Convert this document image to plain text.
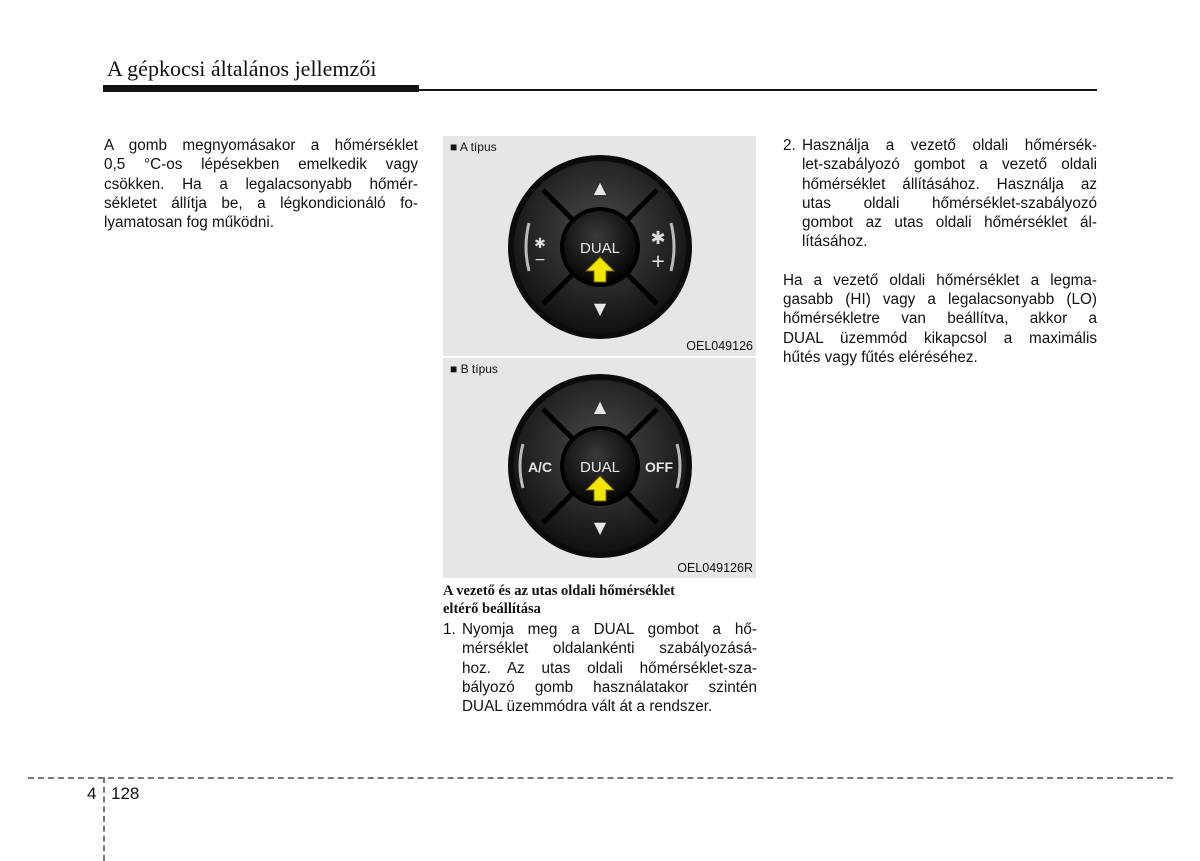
A gépkocsi általános jellemzői
A gomb megnyomásakor a hőmérséklet
0,5 °C-os lépésekben emelkedik vagy
csökken. Ha a legalacsonyabb hőmér-
sékletet állítja be, a légkondicionáló fo-
lyamatosan fog működni.
✱	✱
DUAL
▲
▼
−	+
■ A típus
OEL049126
DUAL
▲
▼
A/C	OFF
■ B típus
OEL049126R
A vezető és az utas oldali hőmérséklet
eltérő beállítása
1. Nyomja meg a DUAL gombot a hő-
mérséklet oldalankénti szabályozásá-
hoz. Az utas oldali hőmérséklet-sza-
bályozó gomb használatakor szintén
DUAL üzemmódra vált át a rendszer.
2. Használja a vezető oldali hőmérsék-
let-szabályozó gombot a vezető oldali
hőmérséklet állításához. Használja az
utas oldali hőmérséklet-szabályozó
gombot az utas oldali hőmérséklet ál-
lításához.
Ha a vezető oldali hőmérséklet a legma-
gasabb (HI) vagy a legalacsonyabb (LO)
hőmérsékletre van beállítva, akkor a
DUAL üzemmód kikapcsol a maximális
hűtés vagy fűtés eléréséhez.
4 128
